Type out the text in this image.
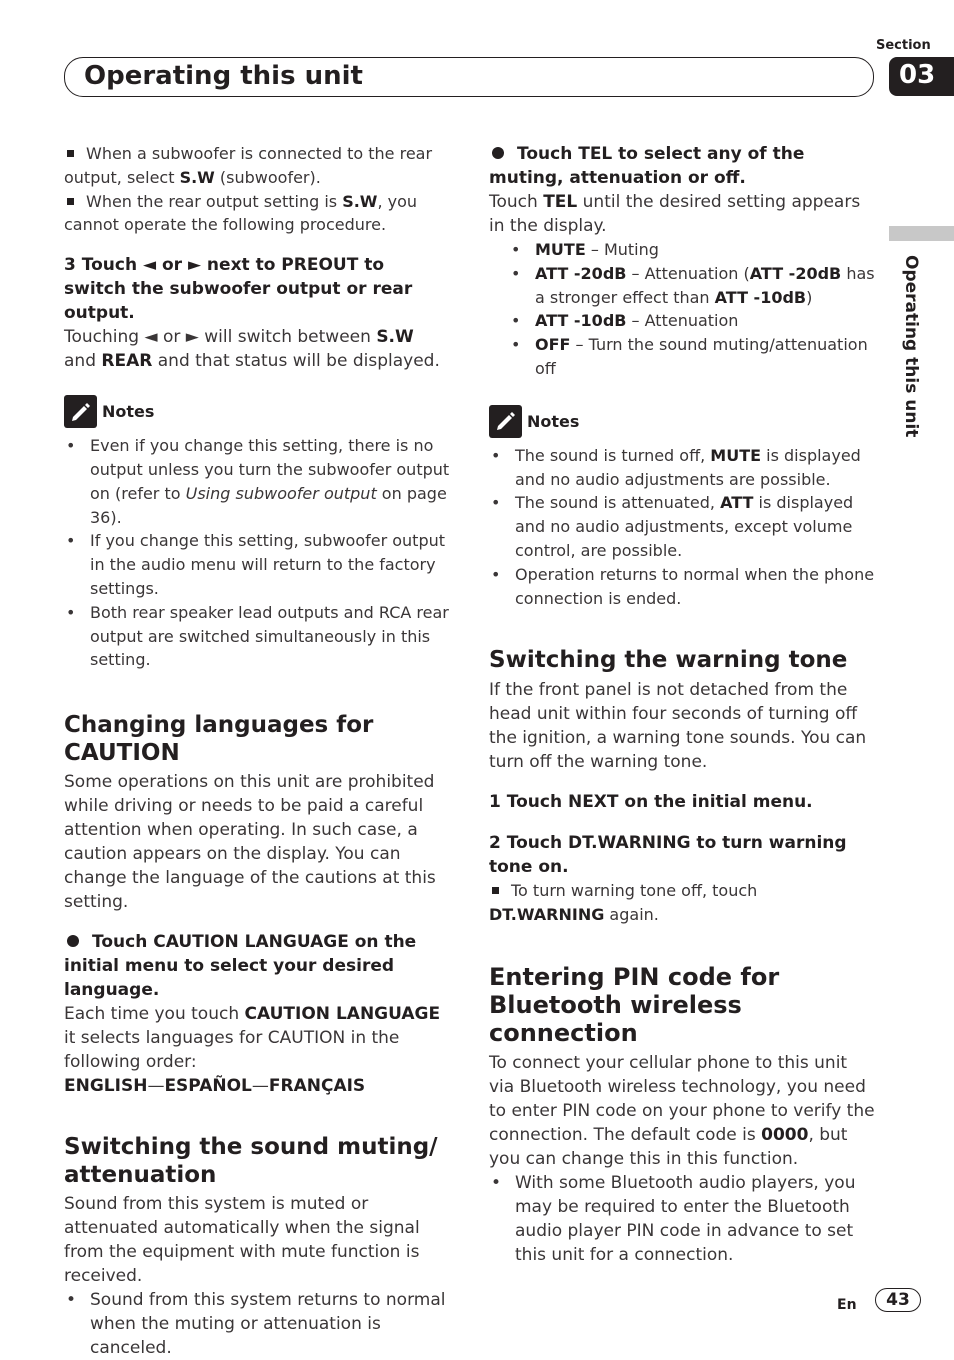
Section
Operating this unit	03
Operating this unit
When a subwoofer is connected to the rear output, select S.W (subwoofer).
When the rear output setting is S.W, you cannot operate the following procedure.
3 Touch ◄ or ► next to PREOUT to switch the subwoofer output or rear output.
Touching ◄ or ► will switch between S.W and REAR and that status will be displayed.
Notes
• Even if you change this setting, there is no output unless you turn the subwoofer output on (refer to Using subwoofer output on page 36).
• If you change this setting, subwoofer output in the audio menu will return to the factory settings.
• Both rear speaker lead outputs and RCA rear output are switched simultaneously in this setting.
Changing languages for CAUTION
Some operations on this unit are prohibited while driving or needs to be paid a careful attention when operating. In such case, a caution appears on the display. You can change the language of the cautions at this setting.
Touch CAUTION LANGUAGE on the initial menu to select your desired language.
Each time you touch CAUTION LANGUAGE it selects languages for CAUTION in the following order:
ENGLISH—ESPAÑOL—FRANÇAIS
Switching the sound muting/ attenuation
Sound from this system is muted or attenuated automatically when the signal from the equipment with mute function is received.
• Sound from this system returns to normal when the muting or attenuation is canceled.
Touch TEL to select any of the muting, attenuation or off.
Touch TEL until the desired setting appears in the display.
• MUTE – Muting
• ATT -20dB – Attenuation (ATT -20dB has a stronger effect than ATT -10dB)
• ATT -10dB – Attenuation
• OFF – Turn the sound muting/attenuation off
Notes
• The sound is turned off, MUTE is displayed and no audio adjustments are possible.
• The sound is attenuated, ATT is displayed and no audio adjustments, except volume control, are possible.
• Operation returns to normal when the phone connection is ended.
Switching the warning tone
If the front panel is not detached from the head unit within four seconds of turning off the ignition, a warning tone sounds. You can turn off the warning tone.
1 Touch NEXT on the initial menu.
2 Touch DT.WARNING to turn warning tone on.
To turn warning tone off, touch DT.WARNING again.
Entering PIN code for Bluetooth wireless connection
To connect your cellular phone to this unit via Bluetooth wireless technology, you need to enter PIN code on your phone to verify the connection. The default code is 0000, but you can change this in this function.
• With some Bluetooth audio players, you may be required to enter the Bluetooth audio player PIN code in advance to set this unit for a connection.
En	43
